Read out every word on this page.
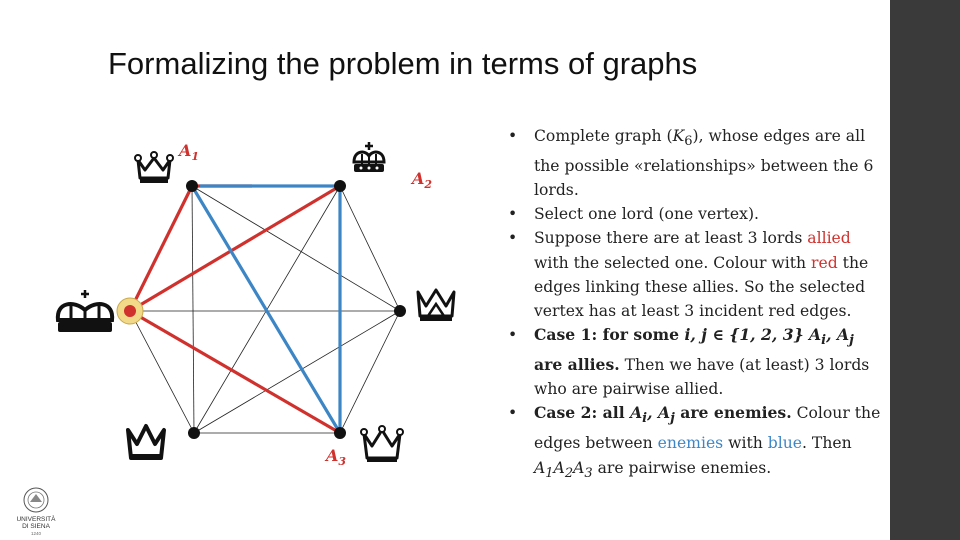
Formalizing the problem in terms of graphs
$A_1$
$A_2$
$A_3$
• Complete graph $(K_6)$, whose edges are all the possible «relationships» between the 6 lords.
• Select one lord (one vertex).
• Suppose there are at least 3 lords allied with the selected one. Colour with red the edges linking these allies. So the selected vertex has at least 3 incident red edges.
• Case 1: for some i, j ∈ {1, 2, 3} $A_i$, $A_j$ are allies. Then we have (at least) 3 lords who are pairwise allied.
• Case 2: all $A_i$, $A_j$ are enemies. Colour the edges between enemies with blue. Then $A_1A_2A_3$ are pairwise enemies.
UNIVERSITÀ
DI SIENA
1240
